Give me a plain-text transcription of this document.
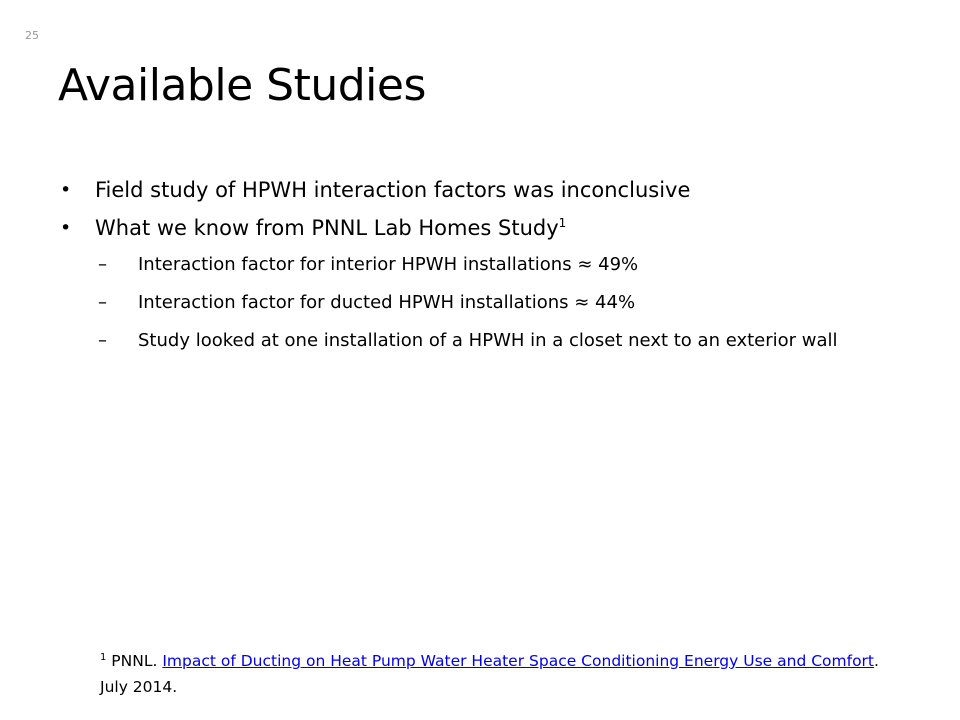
25
Available Studies
• Field study of HPWH interaction factors was inconclusive
• What we know from PNNL Lab Homes Study$^1$
– Interaction factor for interior HPWH installations ≈ 49%
– Interaction factor for ducted HPWH installations ≈ 44%
– Study looked at one installation of a HPWH in a closet next to an exterior wall
$^1$ PNNL. Impact of Ducting on Heat Pump Water Heater Space Conditioning Energy Use and Comfort. July 2014.
